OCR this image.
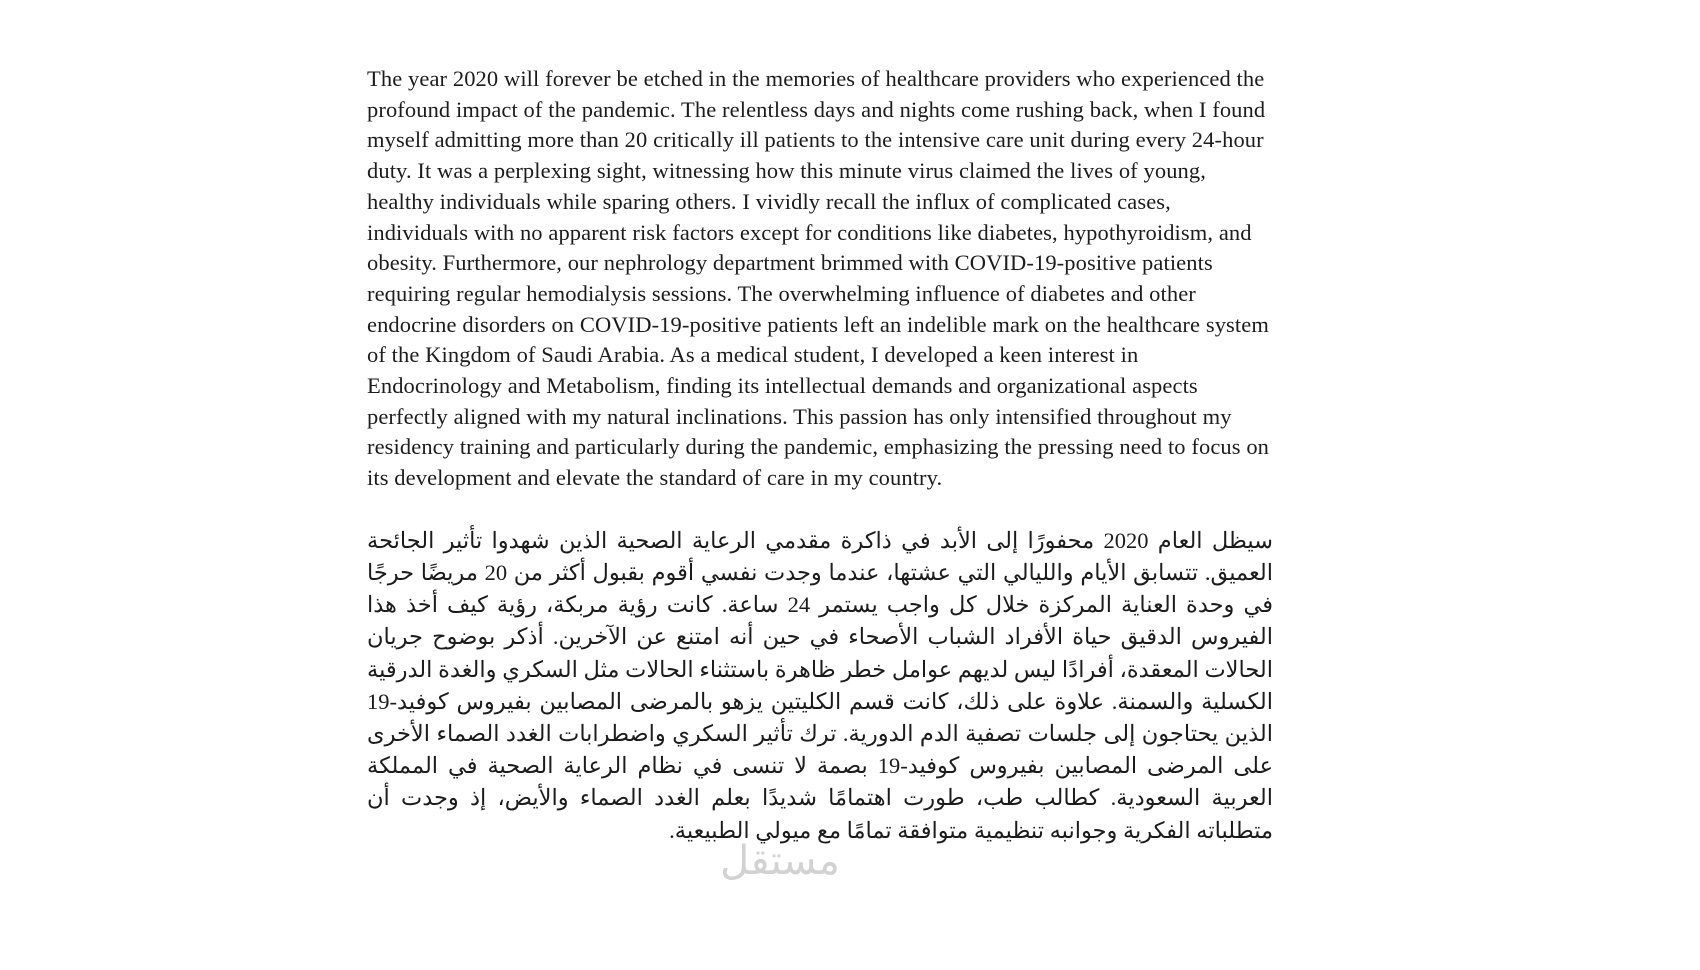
The year 2020 will forever be etched in the memories of healthcare providers who experienced the profound impact of the pandemic. The relentless days and nights come rushing back, when I found myself admitting more than 20 critically ill patients to the intensive care unit during every 24-hour duty. It was a perplexing sight, witnessing how this minute virus claimed the lives of young, healthy individuals while sparing others. I vividly recall the influx of complicated cases, individuals with no apparent risk factors except for conditions like diabetes, hypothyroidism, and obesity. Furthermore, our nephrology department brimmed with COVID-19-positive patients requiring regular hemodialysis sessions. The overwhelming influence of diabetes and other endocrine disorders on COVID-19-positive patients left an indelible mark on the healthcare system of the Kingdom of Saudi Arabia. As a medical student, I developed a keen interest in Endocrinology and Metabolism, finding its intellectual demands and organizational aspects perfectly aligned with my natural inclinations. This passion has only intensified throughout my residency training and particularly during the pandemic, emphasizing the pressing need to focus on its development and elevate the standard of care in my country.

سيظل العام 2020 محفورًا إلى الأبد في ذاكرة مقدمي الرعاية الصحية الذين شهدوا تأثير الجائحة العميق. تتسابق الأيام والليالي التي عشتها، عندما وجدت نفسي أقوم بقبول أكثر من 20 مريضًا حرجًا في وحدة العناية المركزة خلال كل واجب يستمر 24 ساعة. كانت رؤية مربكة، رؤية كيف أخذ هذا الفيروس الدقيق حياة الأفراد الشباب الأصحاء في حين أنه امتنع عن الآخرين. أذكر بوضوح جريان الحالات المعقدة، أفرادًا ليس لديهم عوامل خطر ظاهرة باستثناء الحالات مثل السكري والغدة الدرقية الكسلية والسمنة. علاوة على ذلك، كانت قسم الكليتين يزهو بالمرضى المصابين بفيروس كوفيد-19 الذين يحتاجون إلى جلسات تصفية الدم الدورية. ترك تأثير السكري واضطرابات الغدد الصماء الأخرى على المرضى المصابين بفيروس كوفيد-19 بصمة لا تنسى في نظام الرعاية الصحية في المملكة العربية السعودية. كطالب طب، طورت اهتمامًا شديدًا بعلم الغدد الصماء والأيض، إذ وجدت أن متطلباته الفكرية وجوانبه تنظيمية متوافقة تمامًا مع ميولي الطبيعية.

مستقل
